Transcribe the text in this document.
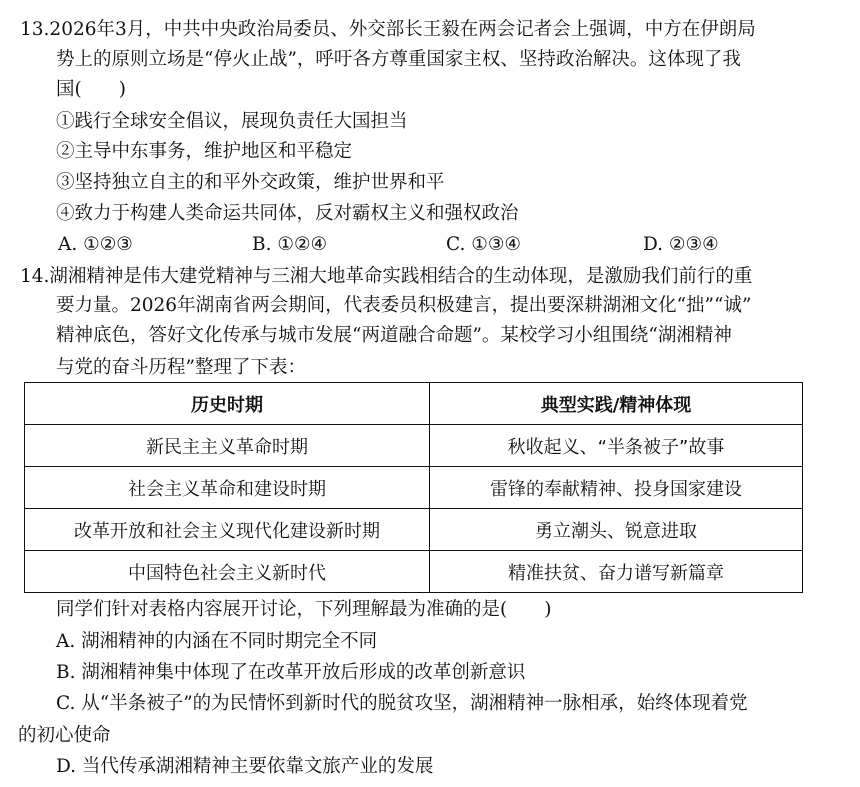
13.2026年3月，中共中央政治局委员、外交部长王毅在两会记者会上强调，中方在伊朗局
势上的原则立场是“停火止战”，呼吁各方尊重国家主权、坚持政治解决。这体现了我
国(　　)
①践行全球安全倡议，展现负责任大国担当
②主导中东事务，维护地区和平稳定
③坚持独立自主的和平外交政策，维护世界和平
④致力于构建人类命运共同体，反对霸权主义和强权政治
A. ①②③	B. ①②④	C. ①③④	D. ②③④
14.湖湘精神是伟大建党精神与三湘大地革命实践相结合的生动体现，是激励我们前行的重
要力量。2026年湖南省两会期间，代表委员积极建言，提出要深耕湖湘文化“拙”“诚”
精神底色，答好文化传承与城市发展“两道融合命题”。某校学习小组围绕“湖湘精神
与党的奋斗历程”整理了下表：
历史时期	典型实践/精神体现
新民主主义革命时期	秋收起义、“半条被子”故事
社会主义革命和建设时期	雷锋的奉献精神、投身国家建设
改革开放和社会主义现代化建设新时期	勇立潮头、锐意进取
中国特色社会主义新时代	精准扶贫、奋力谱写新篇章
同学们针对表格内容展开讨论，下列理解最为准确的是(　　)
A. 湖湘精神的内涵在不同时期完全不同
B. 湖湘精神集中体现了在改革开放后形成的改革创新意识
C. 从“半条被子”的为民情怀到新时代的脱贫攻坚，湖湘精神一脉相承，始终体现着党
的初心使命
D. 当代传承湖湘精神主要依靠文旅产业的发展
